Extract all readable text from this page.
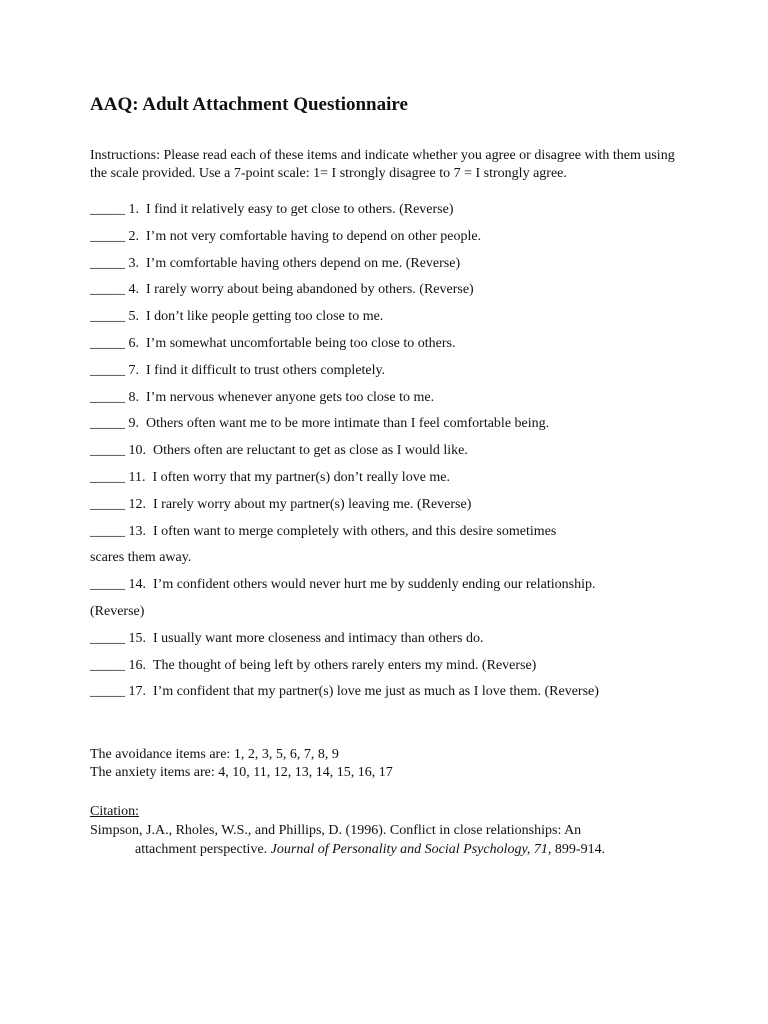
AAQ: Adult Attachment Questionnaire
Instructions: Please read each of these items and indicate whether you agree or disagree with them using the scale provided. Use a 7-point scale: 1= I strongly disagree to 7 = I strongly agree.
_____ 1. I find it relatively easy to get close to others. (Reverse)
_____ 2. I’m not very comfortable having to depend on other people.
_____ 3. I’m comfortable having others depend on me. (Reverse)
_____ 4. I rarely worry about being abandoned by others. (Reverse)
_____ 5. I don’t like people getting too close to me.
_____ 6. I’m somewhat uncomfortable being too close to others.
_____ 7. I find it difficult to trust others completely.
_____ 8. I’m nervous whenever anyone gets too close to me.
_____ 9. Others often want me to be more intimate than I feel comfortable being.
_____ 10. Others often are reluctant to get as close as I would like.
_____ 11. I often worry that my partner(s) don’t really love me.
_____ 12. I rarely worry about my partner(s) leaving me. (Reverse)
_____ 13. I often want to merge completely with others, and this desire sometimes
scares them away.
_____ 14. I’m confident others would never hurt me by suddenly ending our relationship.
(Reverse)
_____ 15. I usually want more closeness and intimacy than others do.
_____ 16. The thought of being left by others rarely enters my mind. (Reverse)
_____ 17. I’m confident that my partner(s) love me just as much as I love them. (Reverse)
The avoidance items are: 1, 2, 3, 5, 6, 7, 8, 9
The anxiety items are: 4, 10, 11, 12, 13, 14, 15, 16, 17
Citation:
Simpson, J.A., Rholes, W.S., and Phillips, D. (1996). Conflict in close relationships: An
attachment perspective. Journal of Personality and Social Psychology, 71, 899-914.
